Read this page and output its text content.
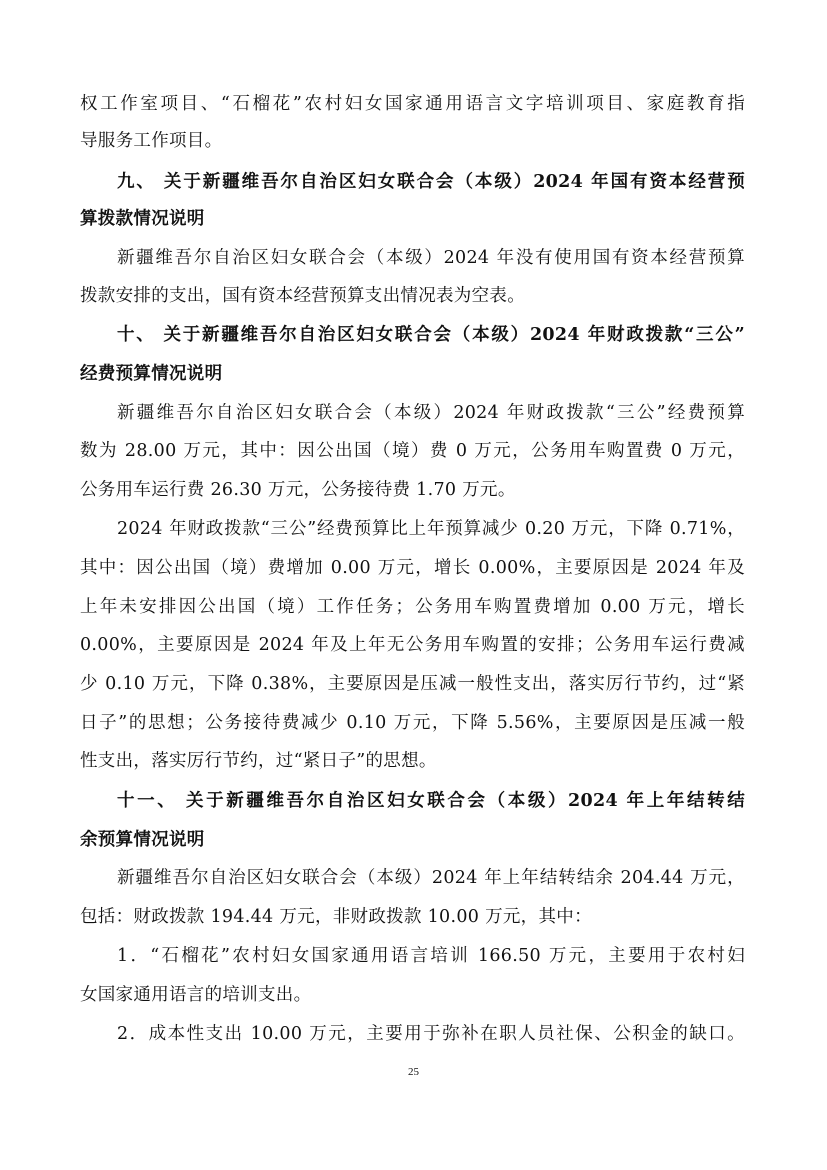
权工作室项目、“石榴花”农村妇女国家通用语言文字培训项目、家庭教育指
导服务工作项目。
九、 关于新疆维吾尔自治区妇女联合会（本级）2024 年国有资本经营预
算拨款情况说明
新疆维吾尔自治区妇女联合会（本级）2024 年没有使用国有资本经营预算
拨款安排的支出，国有资本经营预算支出情况表为空表。
十、 关于新疆维吾尔自治区妇女联合会（本级）2024 年财政拨款“三公”
经费预算情况说明
新疆维吾尔自治区妇女联合会（本级）2024 年财政拨款“三公”经费预算
数为 28.00 万元，其中：因公出国（境）费 0 万元，公务用车购置费 0 万元，
公务用车运行费 26.30 万元，公务接待费 1.70 万元。
2024 年财政拨款“三公”经费预算比上年预算减少 0.20 万元，下降 0.71%，
其中：因公出国（境）费增加 0.00 万元，增长 0.00%，主要原因是 2024 年及
上年未安排因公出国（境）工作任务；公务用车购置费增加 0.00 万元，增长
0.00%，主要原因是 2024 年及上年无公务用车购置的安排；公务用车运行费减
少 0.10 万元，下降 0.38%，主要原因是压减一般性支出，落实厉行节约，过“紧
日子”的思想；公务接待费减少 0.10 万元，下降 5.56%，主要原因是压减一般
性支出，落实厉行节约，过“紧日子”的思想。
十一、 关于新疆维吾尔自治区妇女联合会（本级）2024 年上年结转结
余预算情况说明
新疆维吾尔自治区妇女联合会（本级）2024 年上年结转结余 204.44 万元，
包括：财政拨款 194.44 万元，非财政拨款 10.00 万元，其中：
1．“石榴花”农村妇女国家通用语言培训 166.50 万元，主要用于农村妇
女国家通用语言的培训支出。
2．成本性支出 10.00 万元，主要用于弥补在职人员社保、公积金的缺口。
25
